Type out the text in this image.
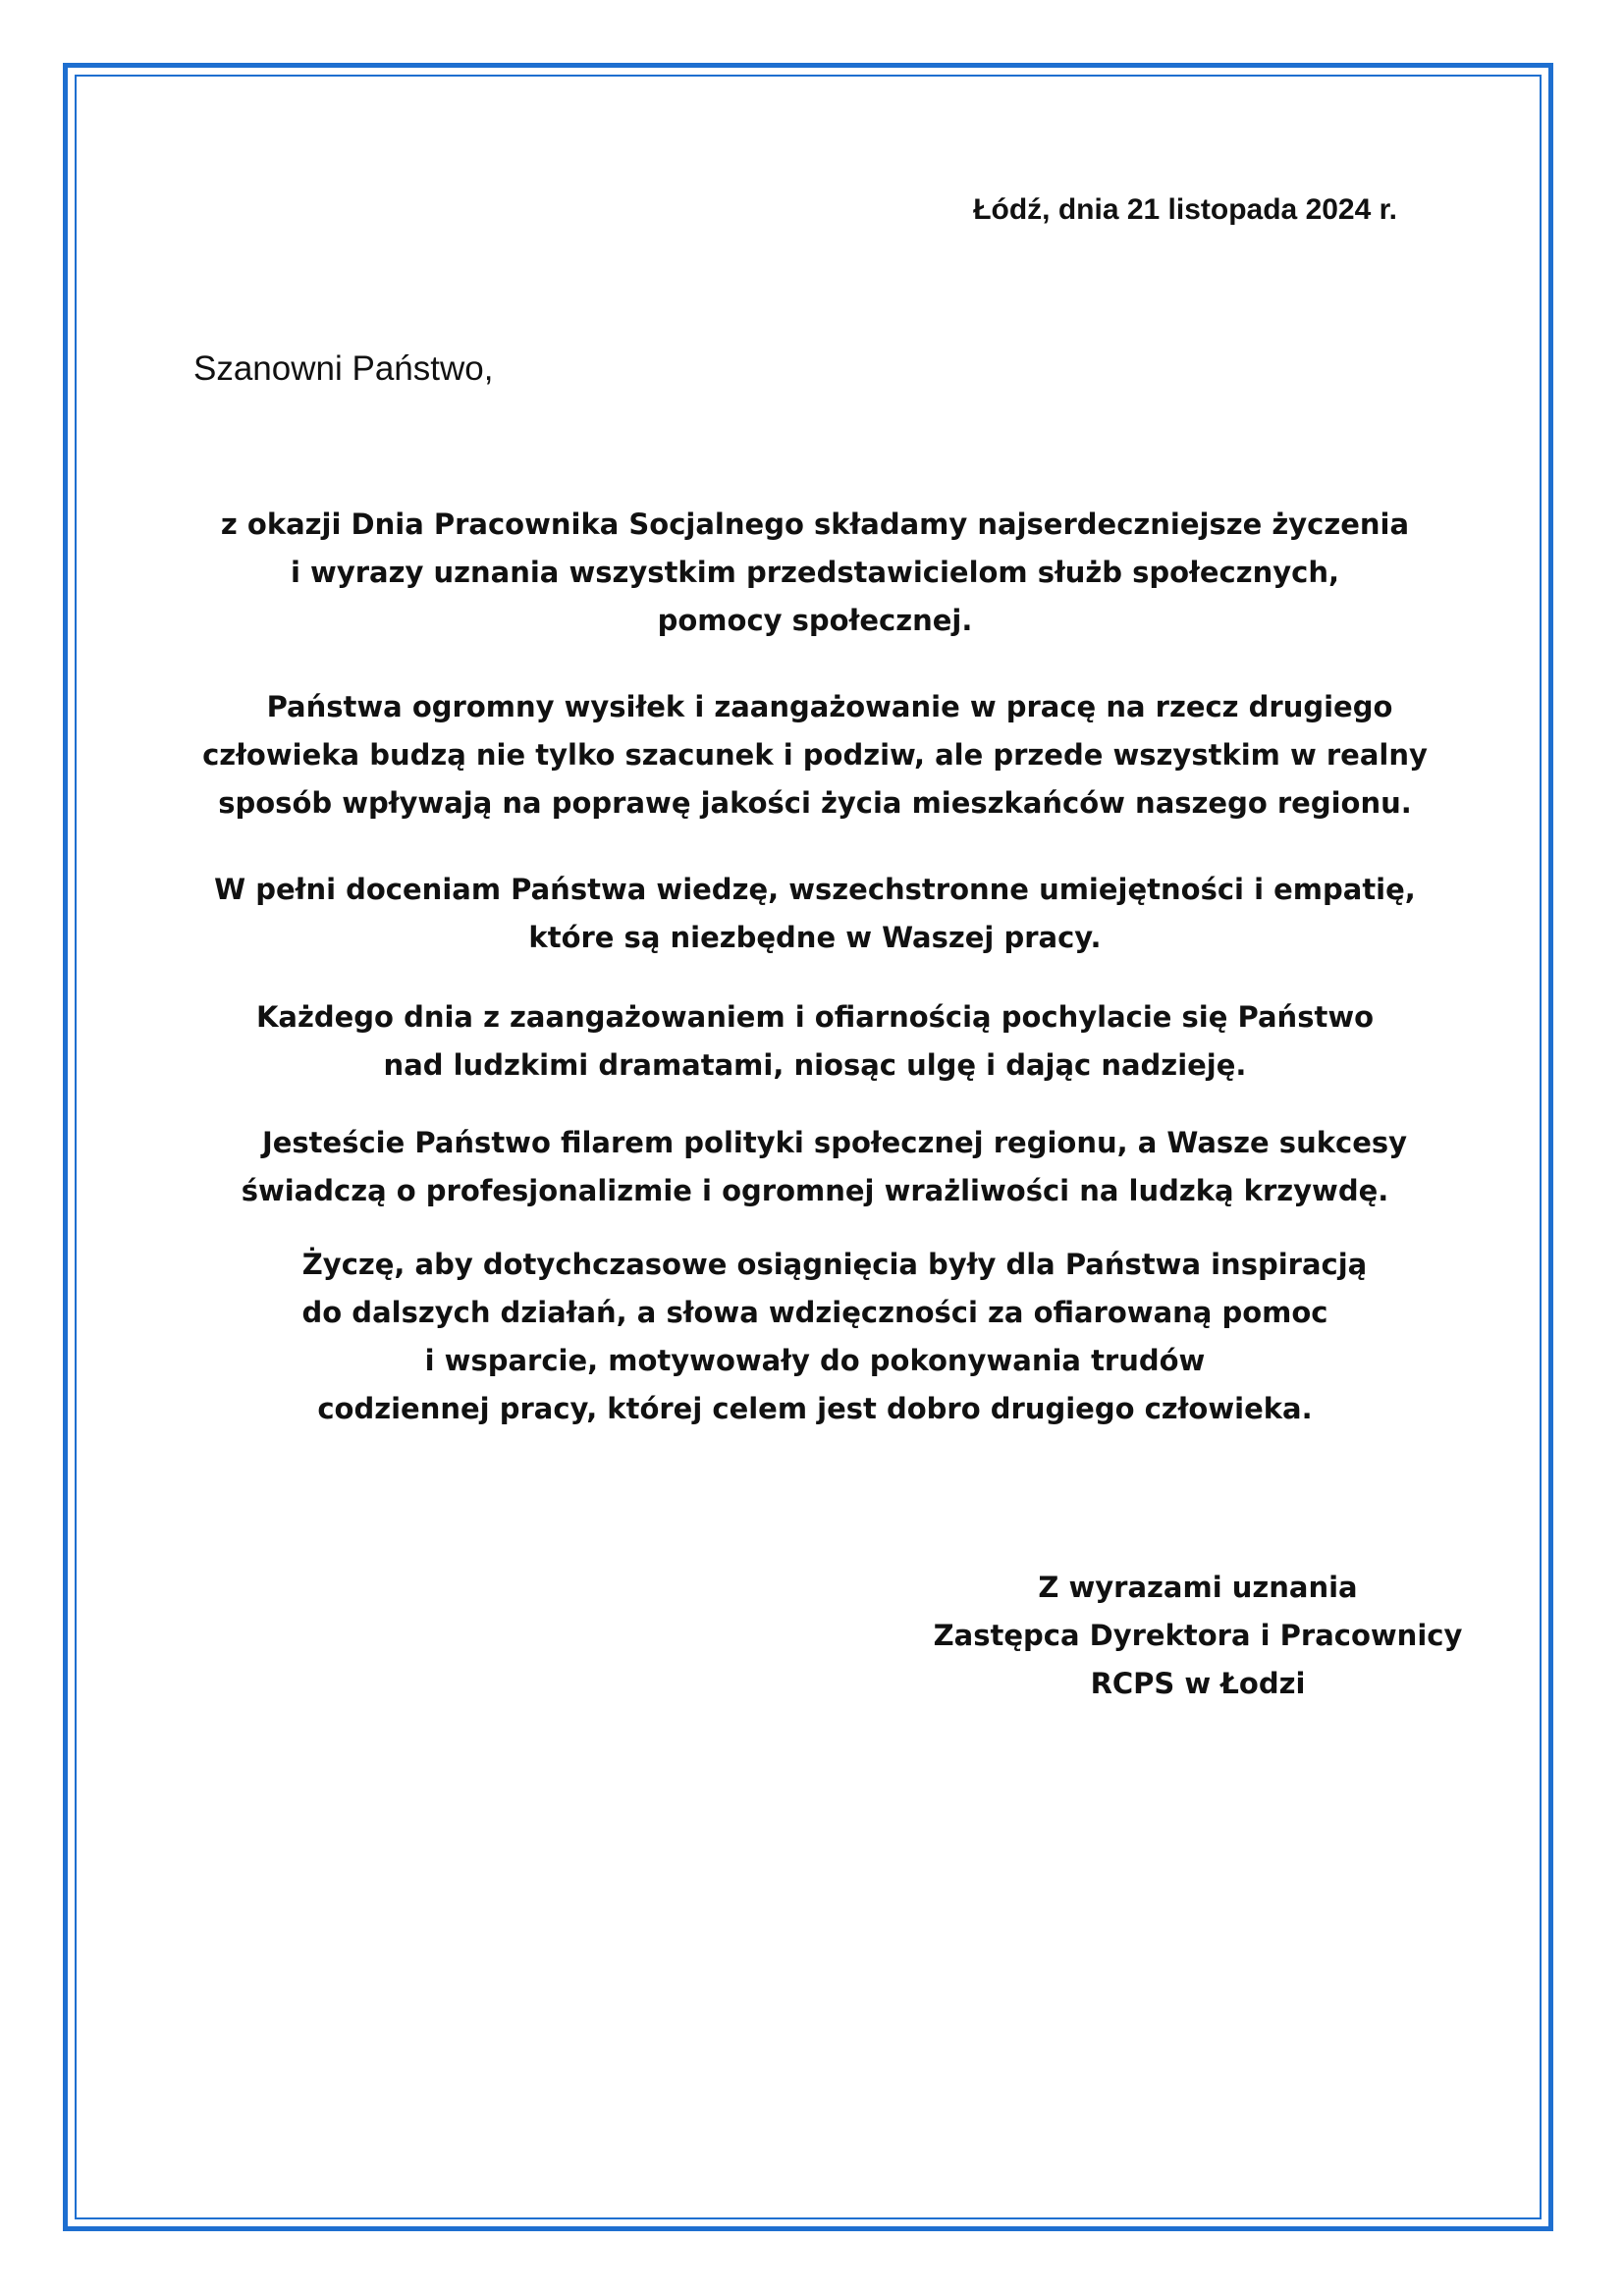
Łódź, dnia 21 listopada 2024 r.
Szanowni Państwo,
z okazji Dnia Pracownika Socjalnego składamy najserdeczniejsze życzenia
i wyrazy uznania wszystkim przedstawicielom służb społecznych,
pomocy społecznej.
Państwa ogromny wysiłek i zaangażowanie w pracę na rzecz drugiego
człowieka budzą nie tylko szacunek i podziw, ale przede wszystkim w realny
sposób wpływają na poprawę jakości życia mieszkańców naszego regionu.
W pełni doceniam Państwa wiedzę, wszechstronne umiejętności i empatię,
które są niezbędne w Waszej pracy.
Każdego dnia z zaangażowaniem i ofiarnością pochylacie się Państwo
nad ludzkimi dramatami, niosąc ulgę i dając nadzieję.
Jesteście Państwo filarem polityki społecznej regionu, a Wasze sukcesy
świadczą o profesjonalizmie i ogromnej wrażliwości na ludzką krzywdę.
Życzę, aby dotychczasowe osiągnięcia były dla Państwa inspiracją
do dalszych działań, a słowa wdzięczności za ofiarowaną pomoc
i wsparcie, motywowały do pokonywania trudów
codziennej pracy, której celem jest dobro drugiego człowieka.
Z wyrazami uznania
Zastępca Dyrektora i Pracownicy
RCPS w Łodzi
